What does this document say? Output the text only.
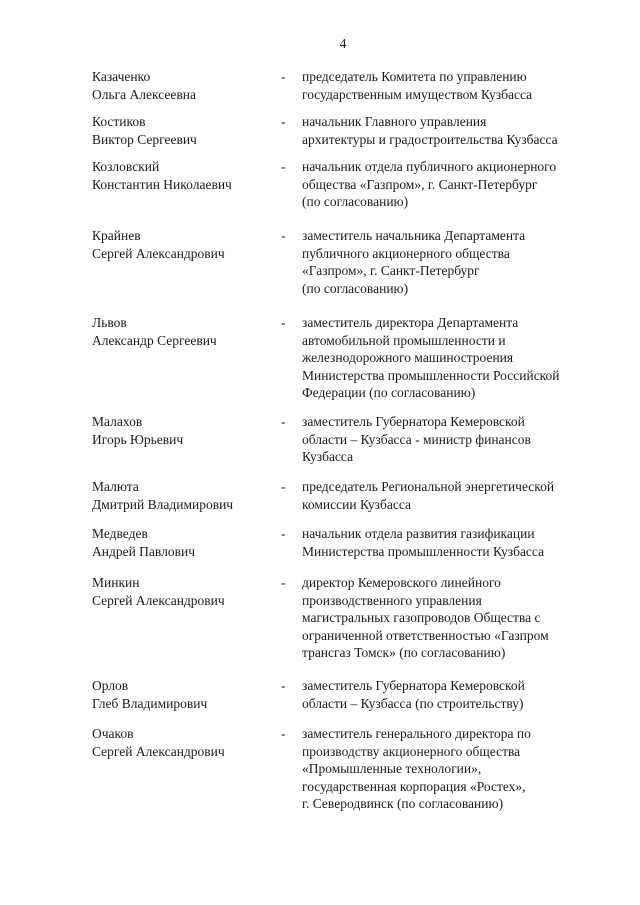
4
Казаченко
Ольга Алексеевна
- председатель Комитета по управлению
государственным имуществом Кузбасса
Костиков
Виктор Сергеевич
- начальник Главного управления
архитектуры и градостроительства Кузбасса
Козловский
Константин Николаевич
- начальник отдела публичного акционерного
общества «Газпром», г. Санкт-Петербург
(по согласованию)
Крайнев
Сергей Александрович
- заместитель начальника Департамента
публичного акционерного общества
«Газпром», г. Санкт-Петербург
(по согласованию)
Львов
Александр Сергеевич
- заместитель директора Департамента
автомобильной промышленности и
железнодорожного машиностроения
Министерства промышленности Российской
Федерации (по согласованию)
Малахов
Игорь Юрьевич
- заместитель Губернатора Кемеровской
области – Кузбасса - министр финансов
Кузбасса
Малюта
Дмитрий Владимирович
- председатель Региональной энергетической
комиссии Кузбасса
Медведев
Андрей Павлович
- начальник отдела развития газификации
Министерства промышленности Кузбасса
Минкин
Сергей Александрович
- директор Кемеровского линейного
производственного управления
магистральных газопроводов Общества с
ограниченной ответственностью «Газпром
трансгаз Томск» (по согласованию)
Орлов
Глеб Владимирович
- заместитель Губернатора Кемеровской
области – Кузбасса (по строительству)
Очаков
Сергей Александрович
- заместитель генерального директора по
производству акционерного общества
«Промышленные технологии»,
государственная корпорация «Ростех»,
г. Северодвинск (по согласованию)
